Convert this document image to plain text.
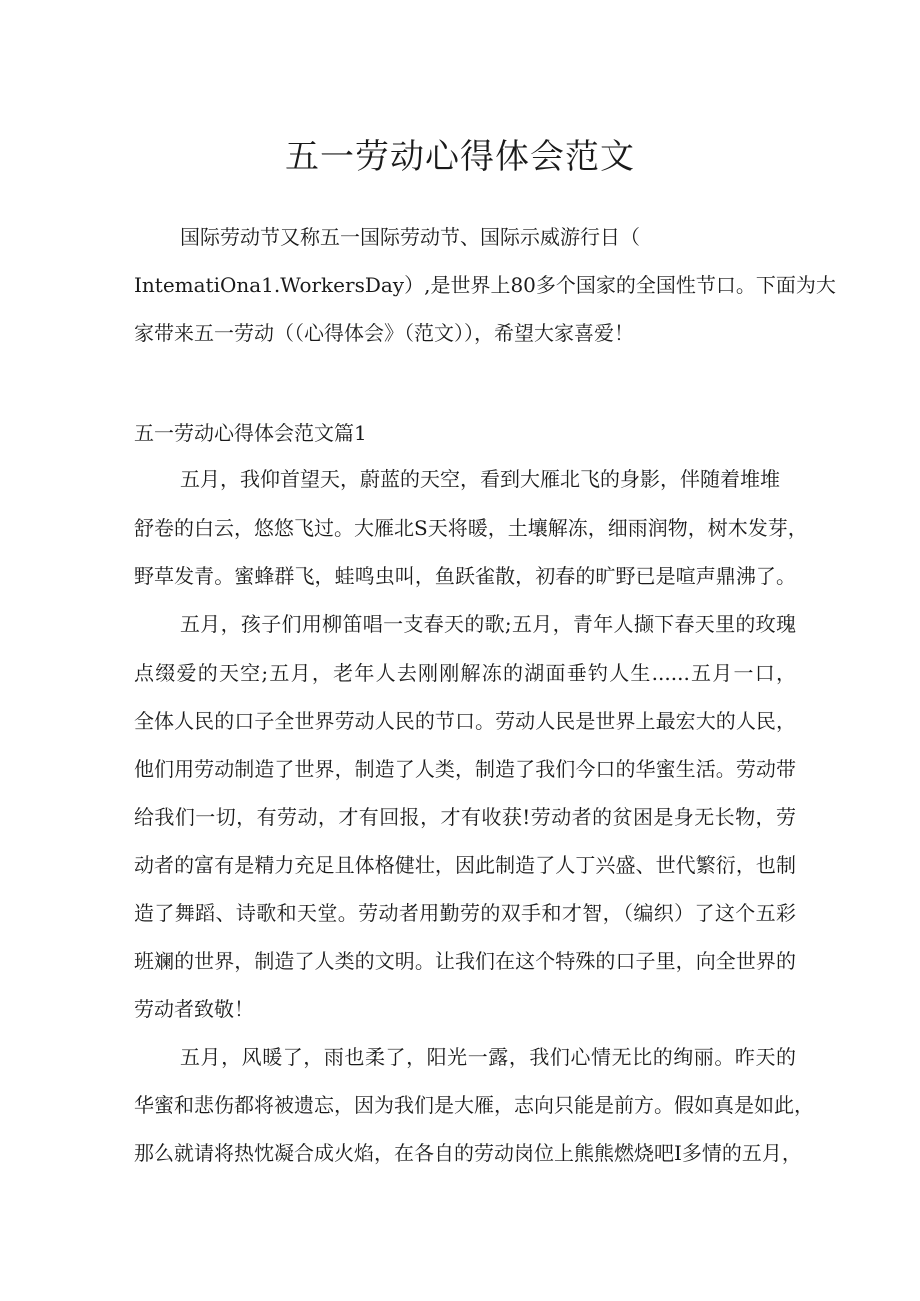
五一劳动心得体会范文
国际劳动节又称五一国际劳动节、国际示威游行日（
IntematiOna1.WorkersDay）,是世界上80多个国家的全国性节口。下面为大
家带来五一劳动（（心得体会》（范文）），希望大家喜爱！
五一劳动心得体会范文篇1
五月，我仰首望天，蔚蓝的天空，看到大雁北飞的身影，伴随着堆堆
舒卷的白云，悠悠飞过。大雁北S天将暖，土壤解冻，细雨润物，树木发芽，
野草发青。蜜蜂群飞，蛙鸣虫叫，鱼跃雀散，初春的旷野已是喧声鼎沸了。
五月，孩子们用柳笛唱一支春天的歌;五月，青年人撷下春天里的玫瑰
点缀爱的天空;五月，老年人去刚刚解冻的湖面垂钓人生......五月一口，
全体人民的口子全世界劳动人民的节口。劳动人民是世界上最宏大的人民，
他们用劳动制造了世界，制造了人类，制造了我们今口的华蜜生活。劳动带
给我们一切，有劳动，才有回报，才有收获!劳动者的贫困是身无长物，劳
动者的富有是精力充足且体格健壮，因此制造了人丁兴盛、世代繁衍，也制
造了舞蹈、诗歌和天堂。劳动者用勤劳的双手和才智，（编织）了这个五彩
班斓的世界，制造了人类的文明。让我们在这个特殊的口子里，向全世界的
劳动者致敬！
五月，风暖了，雨也柔了，阳光一露，我们心情无比的绚丽。昨天的
华蜜和悲伤都将被遗忘，因为我们是大雁，志向只能是前方。假如真是如此，
那么就请将热忱凝合成火焰，在各自的劳动岗位上熊熊燃烧吧I多情的五月，
